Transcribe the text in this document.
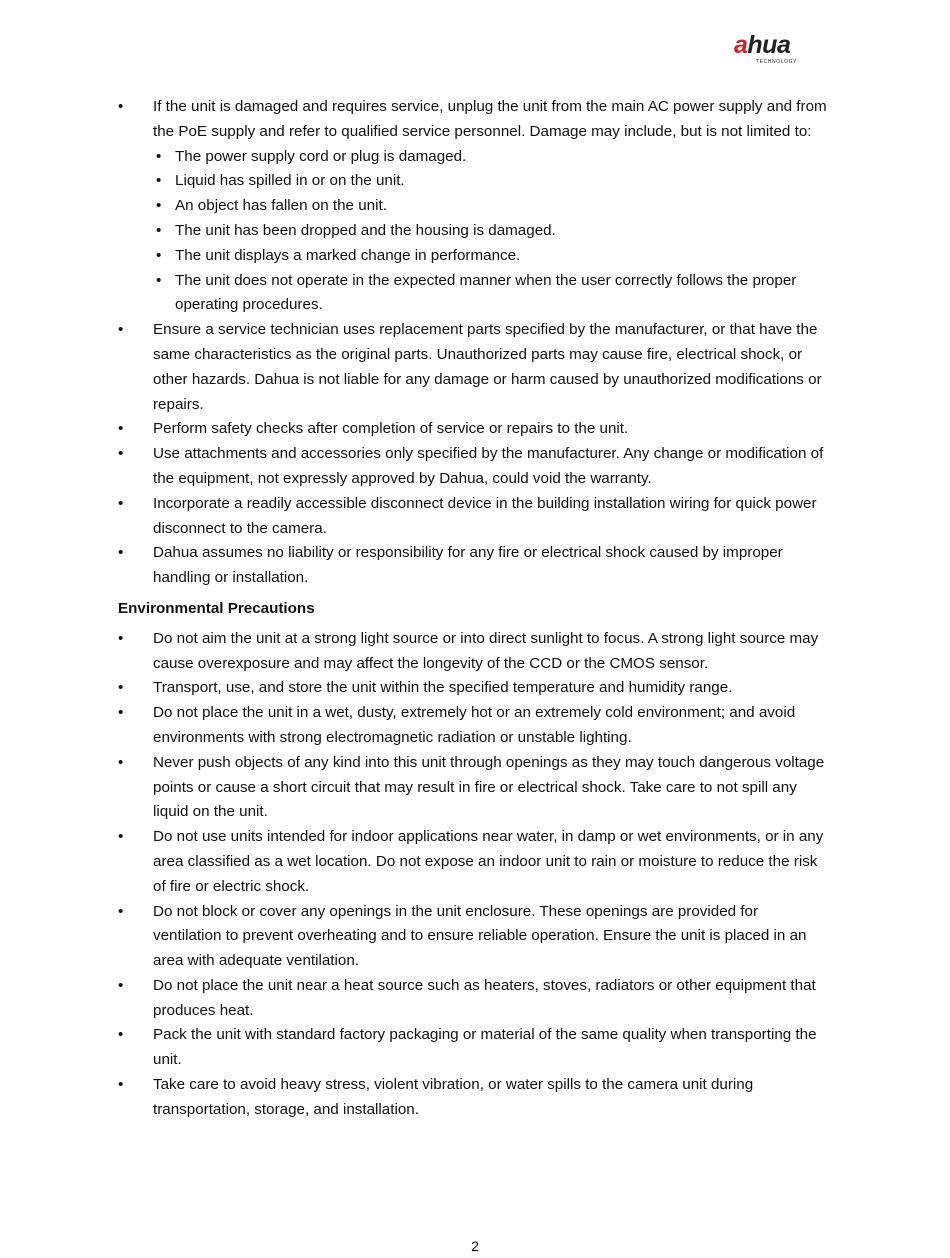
ahua
TECHNOLOGY
• If the unit is damaged and requires service, unplug the unit from the main AC power supply and from the PoE supply and refer to qualified service personnel. Damage may include, but is not limited to:
• The power supply cord or plug is damaged.
• Liquid has spilled in or on the unit.
• An object has fallen on the unit.
• The unit has been dropped and the housing is damaged.
• The unit displays a marked change in performance.
• The unit does not operate in the expected manner when the user correctly follows the proper operating procedures.
• Ensure a service technician uses replacement parts specified by the manufacturer, or that have the same characteristics as the original parts. Unauthorized parts may cause fire, electrical shock, or other hazards. Dahua is not liable for any damage or harm caused by unauthorized modifications or repairs.
• Perform safety checks after completion of service or repairs to the unit.
• Use attachments and accessories only specified by the manufacturer. Any change or modification of the equipment, not expressly approved by Dahua, could void the warranty.
• Incorporate a readily accessible disconnect device in the building installation wiring for quick power disconnect to the camera.
• Dahua assumes no liability or responsibility for any fire or electrical shock caused by improper handling or installation.
Environmental Precautions
• Do not aim the unit at a strong light source or into direct sunlight to focus. A strong light source may cause overexposure and may affect the longevity of the CCD or the CMOS sensor.
• Transport, use, and store the unit within the specified temperature and humidity range.
• Do not place the unit in a wet, dusty, extremely hot or an extremely cold environment; and avoid environments with strong electromagnetic radiation or unstable lighting.
• Never push objects of any kind into this unit through openings as they may touch dangerous voltage points or cause a short circuit that may result in fire or electrical shock. Take care to not spill any liquid on the unit.
• Do not use units intended for indoor applications near water, in damp or wet environments, or in any area classified as a wet location. Do not expose an indoor unit to rain or moisture to reduce the risk of fire or electric shock.
• Do not block or cover any openings in the unit enclosure. These openings are provided for ventilation to prevent overheating and to ensure reliable operation. Ensure the unit is placed in an area with adequate ventilation.
• Do not place the unit near a heat source such as heaters, stoves, radiators or other equipment that produces heat.
• Pack the unit with standard factory packaging or material of the same quality when transporting the unit.
• Take care to avoid heavy stress, violent vibration, or water spills to the camera unit during transportation, storage, and installation.
2
